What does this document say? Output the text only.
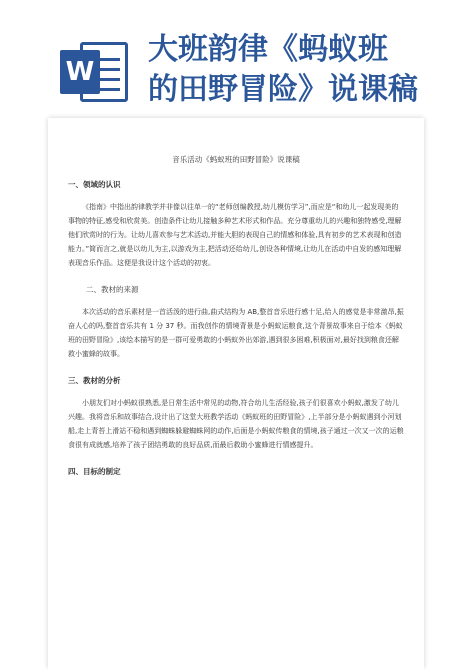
W
大班韵律《蚂蚁班
的田野冒险》说课稿
音乐活动《蚂蚁班的田野冒险》说课稿
一、领域的认识
《指南》中指出韵律教学并非像以往单一的“老师创编教授,幼儿模仿学习”,而应是“和幼儿一起发现美的事物的特征,感受和欣赏美。创造条件让幼儿接触多种艺术形式和作品。充分尊重幼儿的兴趣和独特感受,理解他们欣赏时的行为。让幼儿喜欢参与艺术活动,并能大胆的表现自己的情感和体验,具有初步的艺术表现和创造能力。”简而言之,就是以幼儿为主,以游戏为主,把活动还给幼儿,创设各种情境,让幼儿在活动中自发的感知理解表现音乐作品。这便是我设计这个活动的初衷。
二、教材的来源
本次活动的音乐素材是一首活泼的进行曲,曲式结构为 AB,整首音乐进行感十足,给人的感觉是非常激昂,振奋人心的吗,整首音乐共有 1 分 37 秒。而我创作的情境背景是小蚂蚁运粮食,这个背景故事来自于绘本《蚂蚁班的田野冒险》,该绘本描写的是一群可爱勇敢的小蚂蚁外出郊游,遇到很多困难,积极面对,最好找到粮食还解救小蜜蜂的故事。
三、教材的分析
小朋友们对小蚂蚁很熟悉,是日常生活中常见的动物,符合幼儿生活经验,孩子们很喜欢小蚂蚁,激发了幼儿兴趣。我将音乐和故事结合,设计出了这堂大班教学活动《蚂蚁班的田野冒险》,上半部分是小蚂蚁遇到小河划船,走上青苔上滑站不稳和遇到蜘蛛躲避蜘蛛网的动作,后面是小蚂蚁传粮食的情境,孩子通过一次又一次的运粮食很有成就感,培养了孩子团结勇敢的良好品质,而最后救助小蜜蜂进行情感提升。
四、目标的制定
